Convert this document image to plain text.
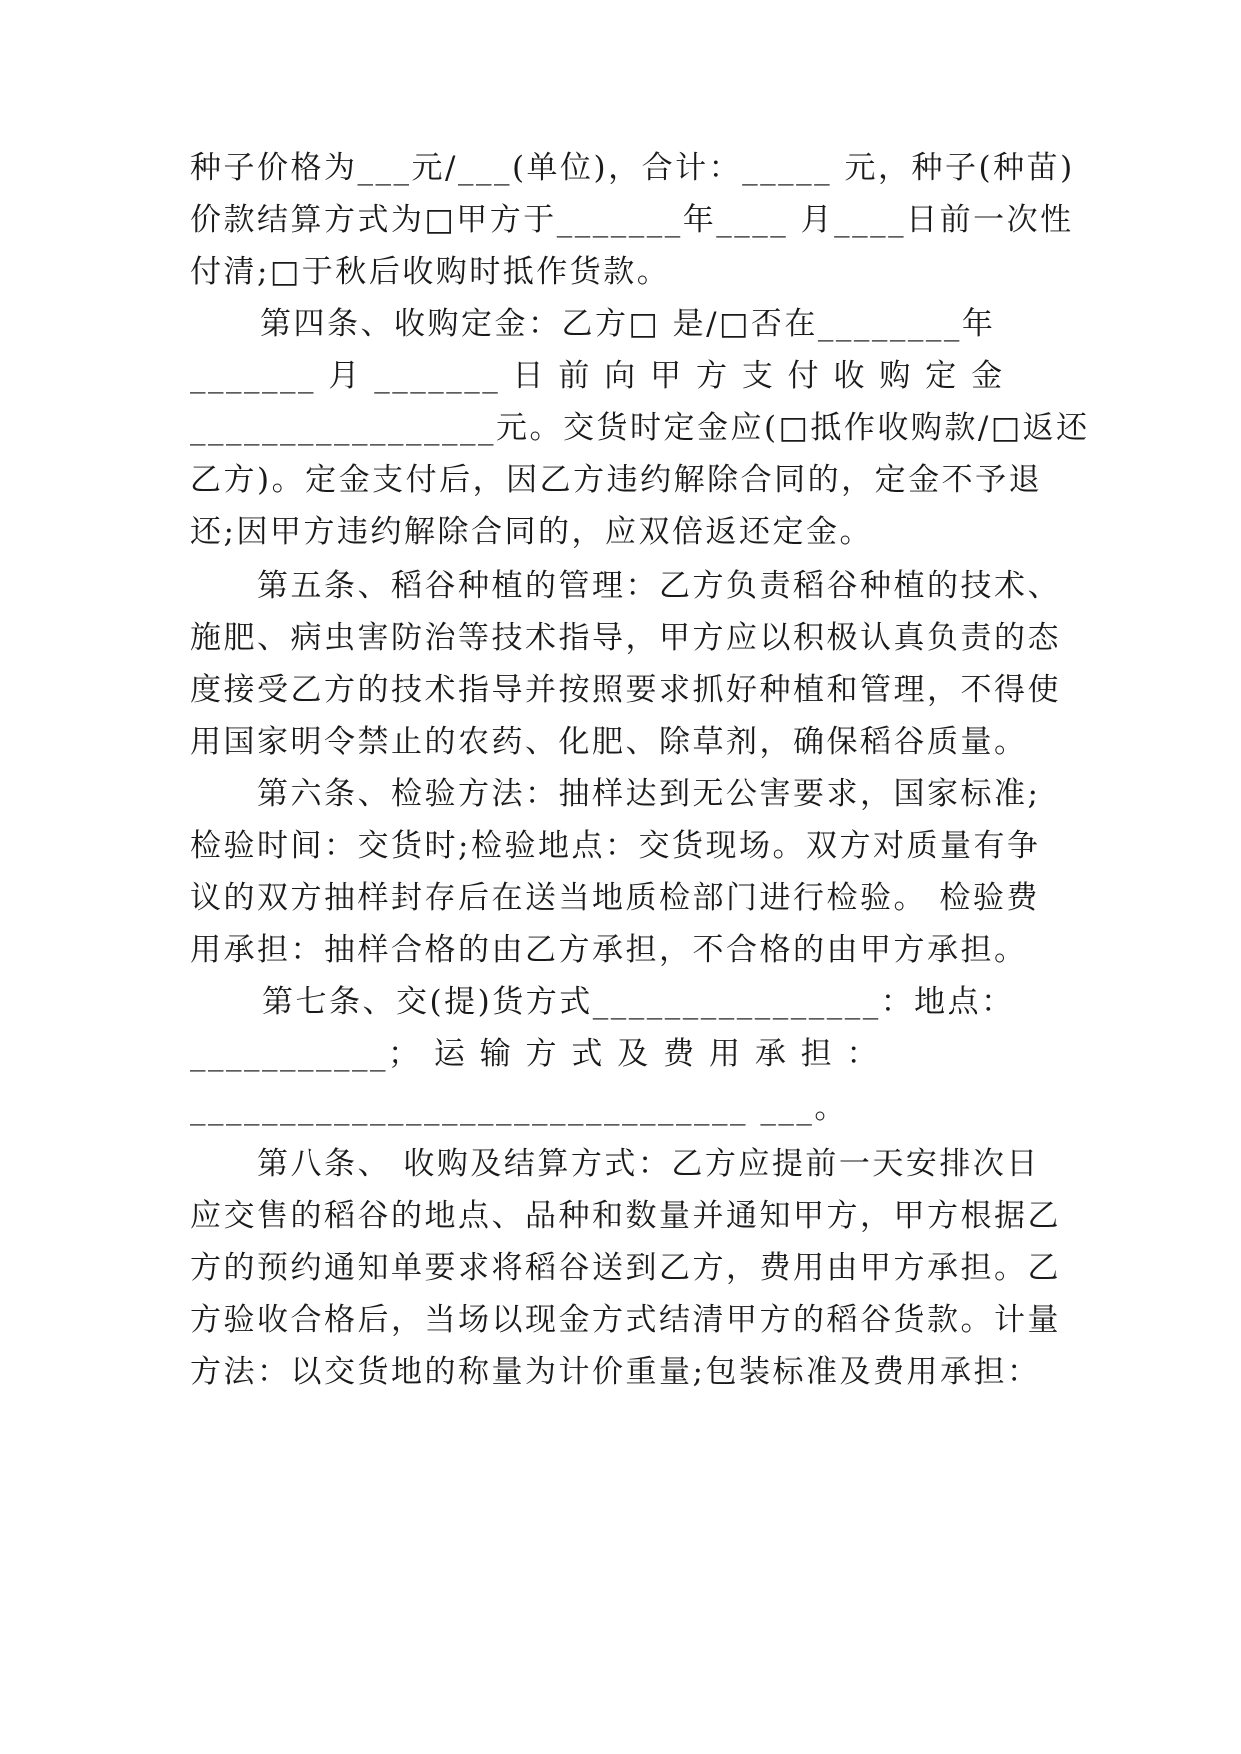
种子价格为___元/___(单位)，合计：_____ 元，种子(种苗)
价款结算方式为□甲方于_______年____ 月____日前一次性
付清;□于秋后收购时抵作货款。
第四条、收购定金：乙方□ 是/□否在________年
_______ 月 _______ 日 前 向 甲 方 支 付 收 购 定 金
_________________元。交货时定金应(□抵作收购款/□返还
乙方)。定金支付后，因乙方违约解除合同的，定金不予退
还;因甲方违约解除合同的，应双倍返还定金。
第五条、稻谷种植的管理：乙方负责稻谷种植的技术、
施肥、病虫害防治等技术指导，甲方应以积极认真负责的态
度接受乙方的技术指导并按照要求抓好种植和管理，不得使
用国家明令禁止的农药、化肥、除草剂，确保稻谷质量。
第六条、检验方法：抽样达到无公害要求，国家标准;
检验时间：交货时;检验地点：交货现场。双方对质量有争
议的双方抽样封存后在送当地质检部门进行检验。 检验费
用承担：抽样合格的由乙方承担，不合格的由甲方承担。
第七条、交(提)货方式________________：地点：
___________； 运 输 方 式 及 费 用 承 担 ：
_______________________________ ___。
第八条、 收购及结算方式：乙方应提前一天安排次日
应交售的稻谷的地点、品种和数量并通知甲方，甲方根据乙
方的预约通知单要求将稻谷送到乙方，费用由甲方承担。乙
方验收合格后，当场以现金方式结清甲方的稻谷货款。计量
方法：以交货地的称量为计价重量;包装标准及费用承担：
